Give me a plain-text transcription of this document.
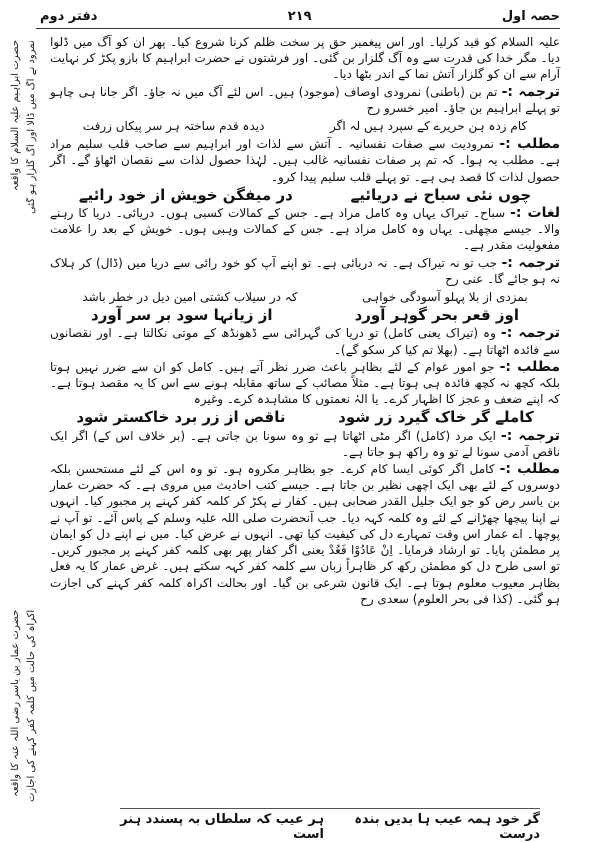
حصہ اول
۲۱۹
دفتر دوم
حضرت ابراہیم علیہ السلام کا واقعہ نمرود نے آگ میں ڈالا اور آگ گلزار ہو گئی
حضرت عمار بن یاسر رضی اللہ عنہ کا واقعہ اکراہ کی حالت میں کلمہ کفر کہنے کی اجازت

علیہ السلام کو قید کرلیا۔ اور اس پیغمبر حق پر سخت ظلم کرنا شروع کیا۔ پھر ان کو آگ میں ڈلوا دیا۔ مگر خدا کی قدرت سے وہ آگ گلزار بن گئی۔ اور فرشتوں نے حضرت ابراہیم کا بازو پکڑ کر نہایت آرام سے ان کو گلزار آتش نما کے اندر بٹھا دیا۔

ترجمہ :- تم بن (باطنی) نمرودی اوصاف (موجود) ہیں۔ اس لئے آگ میں نہ جاؤ۔ اگر جانا ہی چاہو تو پہلے ابراہیم بن جاؤ۔ امیر خسرو رح

کام زدہ ہن حریرے کے سپرد ہیں لہ اگر
دیدہ قدم ساختہ ہر سر پیکاں زرفت

مطلب :- نمرودیت سے صفات نفسانیہ ۔ آتش سے لذات اور ابراہیم سے صاحب قلب سلیم مراد ہے۔ مطلب یہ ہوا۔ کہ تم پر صفات نفسانیہ غالب ہیں۔ لہٰذا حصول لذات سے نقصان اٹھاؤ گے۔ اگر حصول لذات کا قصد ہی ہے۔ تو پہلے قلب سلیم پیدا کرو۔

چوں نئی سباح نے دریائیے
در میفگن خویش از خود رائیے

لغات :- سباح۔ تیراک یہاں وہ کامل مراد ہے۔ جس کے کمالات کسبی ہوں۔ دریائی۔ دریا کا رہنے والا۔ جیسے مچھلی۔ یہاں وہ کامل مراد ہے۔ جس کے کمالات وہبی ہوں۔ خویش کے بعد را علامت مفعولیت مقدر ہے۔

ترجمہ :- جب تو نہ تیراک ہے۔ نہ دریائی ہے۔ تو اپنے آپ کو خود رائی سے دریا میں (ڈال) کر ہلاک نہ ہو جائے گا۔ عنی رح

بمزدی از بلا پہلو آسودگی خواہی
کہ در سیلاب کشتی امین دیل در خطر باشد
اوز قعر بحر گوہر آورد
از زیانہا سود بر سر آورد

ترجمہ :- وہ (تیراک یعنی کامل) تو دریا کی گہرائی سے ڈھونڈھ کے موتی نکالتا ہے۔ اور نقصانوں سے فائدہ اٹھاتا ہے۔ (بھلا تم کیا کر سکو گے)۔

مطلب :- جو امور عوام کے لئے بظاہر باعث ضرر نظر آتے ہیں۔ کامل کو ان سے ضرر نہیں ہوتا بلکہ کچھ نہ کچھ فائدہ ہی ہوتا ہے۔ مثلاً مصائب کے ساتھ مقابلہ ہونے سے اس کا یہ مقصد ہوتا ہے۔ کہ اپنے ضعف و عجز کا اظہار کرے۔ یا الہٰ نعمتوں کا مشاہدہ کرے۔ وغیرہ

کاملے گر خاک گیرد زر شود
ناقص از زر برد خاکستر شود

ترجمہ :- ایک مرد (کامل) اگر مٹی اٹھاتا ہے تو وہ سونا بن جاتی ہے۔ (بر خلاف اس کے) اگر ایک ناقص آدمی سونا لے تو وہ راکھ ہو جاتا ہے۔

مطلب :- کامل اگر کوئی ایسا کام کرے۔ جو بظاہر مکروہ ہو۔ تو وہ اس کے لئے مستحسن بلکہ دوسروں کے لئے بھی ایک اچھی نظیر بن جاتا ہے۔ جیسے کتب احادیث میں مروی ہے۔ کہ حضرت عمار بن یاسر رض کو جو ایک جلیل القدر صحابی ہیں۔ کفار نے پکڑ کر کلمہ کفر کہنے پر مجبور کیا۔ انہوں نے اپنا پیچھا چھڑانے کے لئے وہ کلمہ کہہ دیا۔ جب آنحضرت صلی اللہ علیہ وسلم کے پاس آئے۔ تو آپ نے پوچھا۔ اے عمار اس وقت تمہارے دل کی کیفیت کیا تھی۔ انہوں نے عرض کیا۔ میں نے اپنے دل کو ایمان پر مطمئن پایا۔ تو ارشاد فرمایا۔ اِنْ عَادُوْا فَعُدْ یعنی اگر کفار پھر بھی کلمہ کفر کہنے پر مجبور کریں۔ تو اسی طرح دل کو مطمئن رکھ کر ظاہراً زبان سے کلمہ کفر کہہ سکتے ہیں۔ غرض عمار کا یہ فعل بظاہر معیوب معلوم ہوتا ہے۔ ایک قانون شرعی بن گیا۔ اور بحالت اکراہ کلمہ کفر کہنے کی اجازت ہو گئی۔ (کذا فی بحر العلوم) سعدی رح

گر خود ہمہ عیب ہا بدیں بندہ درست
ہر عیب کہ سلطاں بہ پسندد ہنر است
